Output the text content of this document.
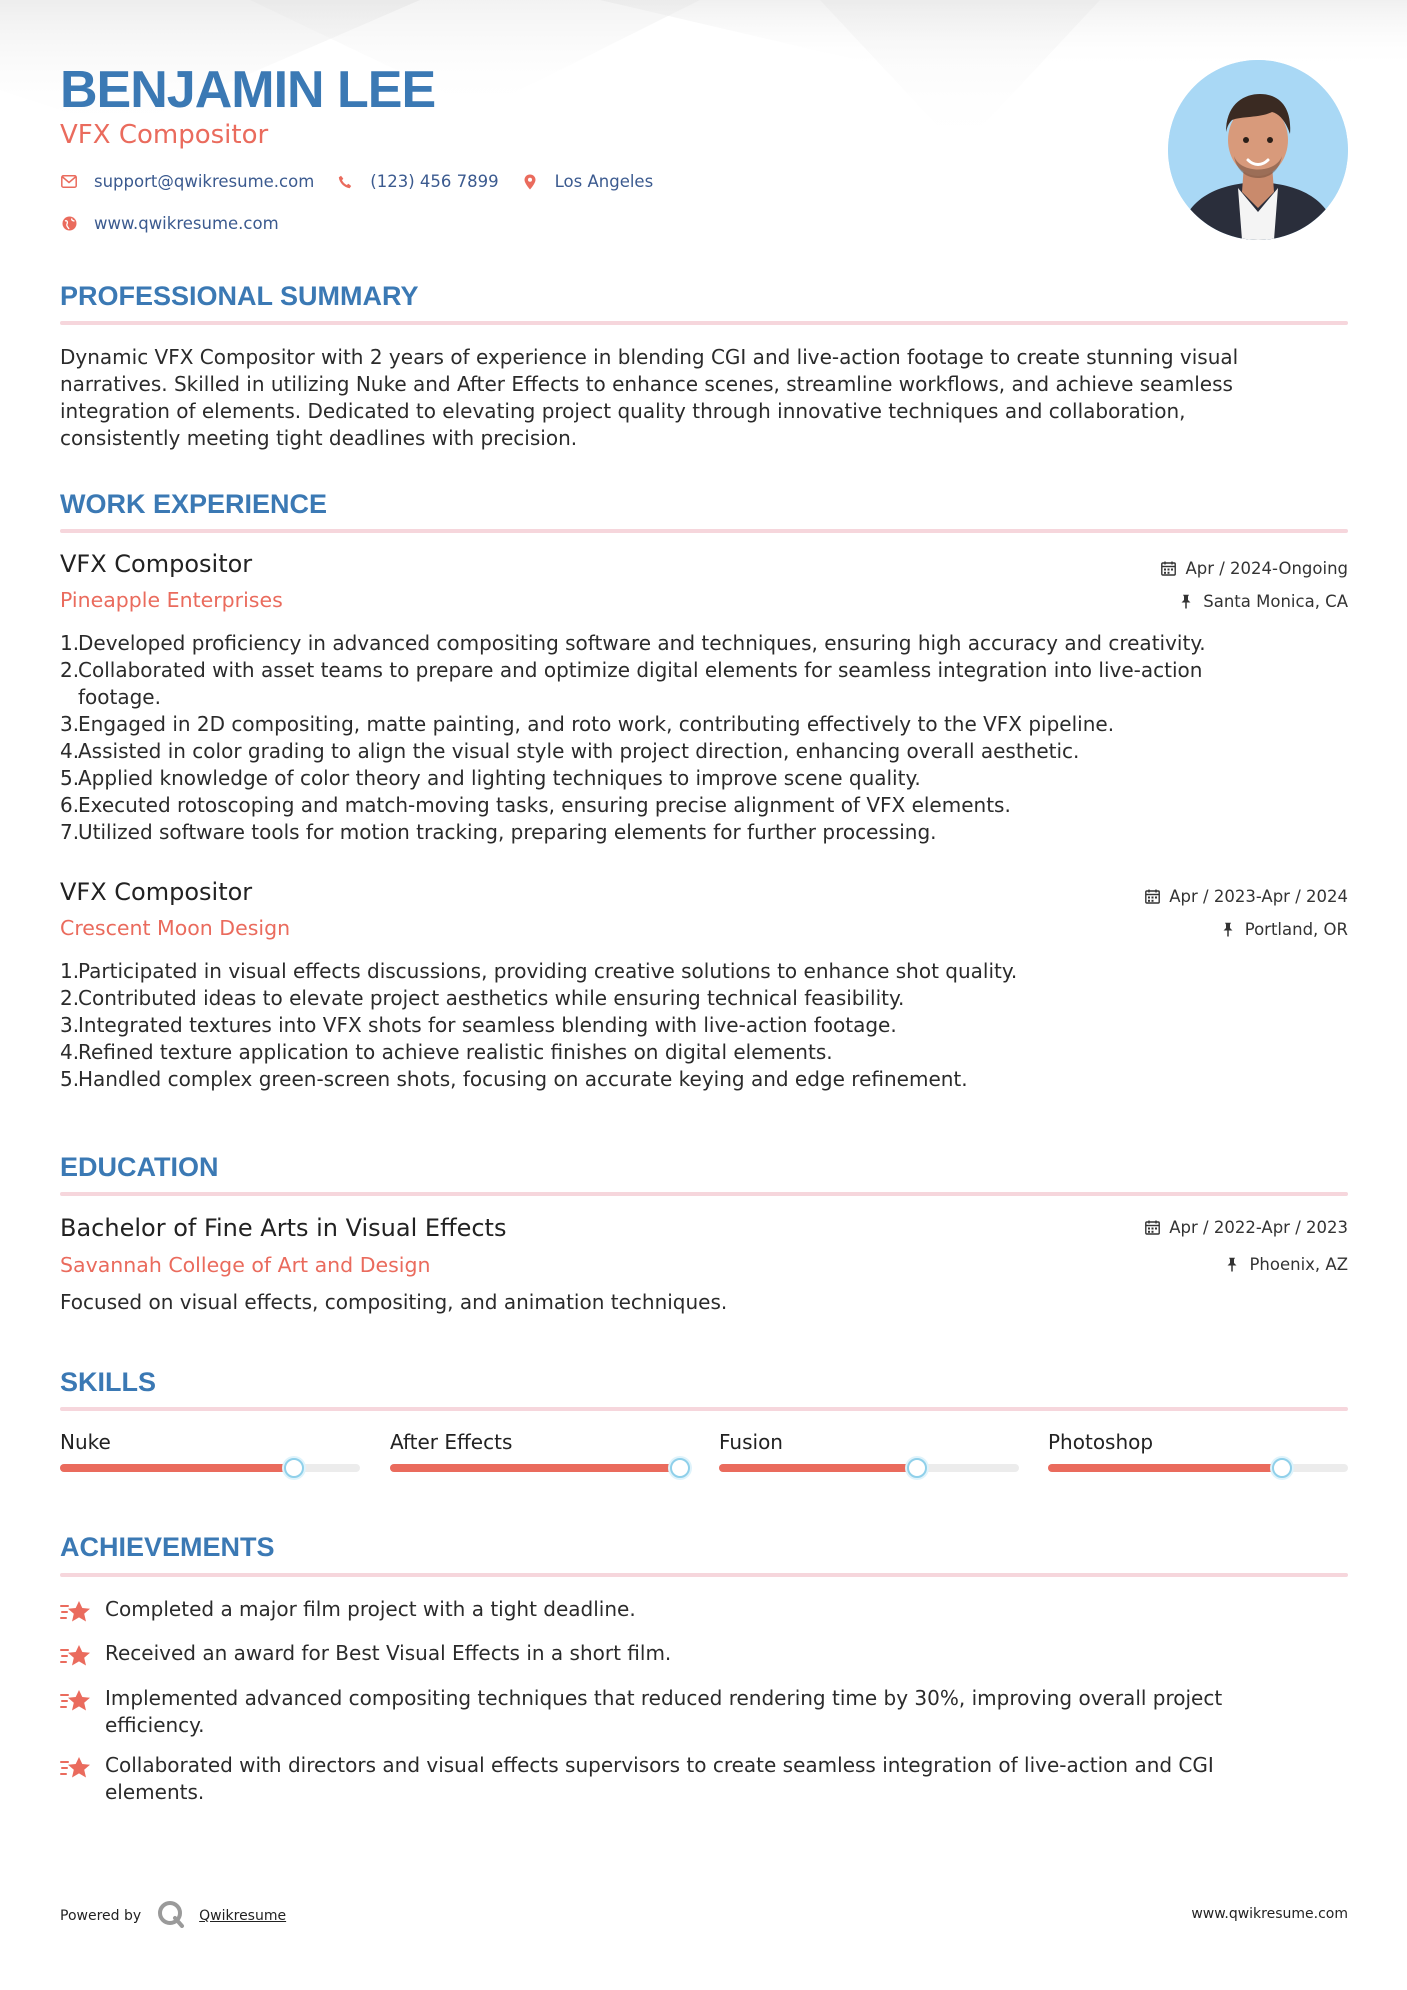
BENJAMIN LEE
VFX Compositor
support@qwikresume.com	(123) 456 7899	Los Angeles
www.qwikresume.com
PROFESSIONAL SUMMARY
Dynamic VFX Compositor with 2 years of experience in blending CGI and live-action footage to create stunning visual
narratives. Skilled in utilizing Nuke and After Effects to enhance scenes, streamline workflows, and achieve seamless
integration of elements. Dedicated to elevating project quality through innovative techniques and collaboration,
consistently meeting tight deadlines with precision.
WORK EXPERIENCE
VFX Compositor
Pineapple Enterprises
Apr / 2024-Ongoing
Santa Monica, CA
1.
Developed proficiency in advanced compositing software and techniques, ensuring high accuracy and creativity.
2.
Collaborated with asset teams to prepare and optimize digital elements for seamless integration into live-action
footage.
3.
Engaged in 2D compositing, matte painting, and roto work, contributing effectively to the VFX pipeline.
4.
Assisted in color grading to align the visual style with project direction, enhancing overall aesthetic.
5.
Applied knowledge of color theory and lighting techniques to improve scene quality.
6.
Executed rotoscoping and match-moving tasks, ensuring precise alignment of VFX elements.
7.
Utilized software tools for motion tracking, preparing elements for further processing.
VFX Compositor
Crescent Moon Design
Apr / 2023-Apr / 2024
Portland, OR
1.
Participated in visual effects discussions, providing creative solutions to enhance shot quality.
2.
Contributed ideas to elevate project aesthetics while ensuring technical feasibility.
3.
Integrated textures into VFX shots for seamless blending with live-action footage.
4.
Refined texture application to achieve realistic finishes on digital elements.
5.
Handled complex green-screen shots, focusing on accurate keying and edge refinement.
EDUCATION
Bachelor of Fine Arts in Visual Effects
Savannah College of Art and Design
Apr / 2022-Apr / 2023
Phoenix, AZ
Focused on visual effects, compositing, and animation techniques.
SKILLS
Nuke	After Effects	Fusion	Photoshop
ACHIEVEMENTS
Completed a major film project with a tight deadline.
Received an award for Best Visual Effects in a short film.
Implemented advanced compositing techniques that reduced rendering time by 30%, improving overall project
efficiency.
Collaborated with directors and visual effects supervisors to create seamless integration of live-action and CGI
elements.
Powered by	Qwikresume	www.qwikresume.com
